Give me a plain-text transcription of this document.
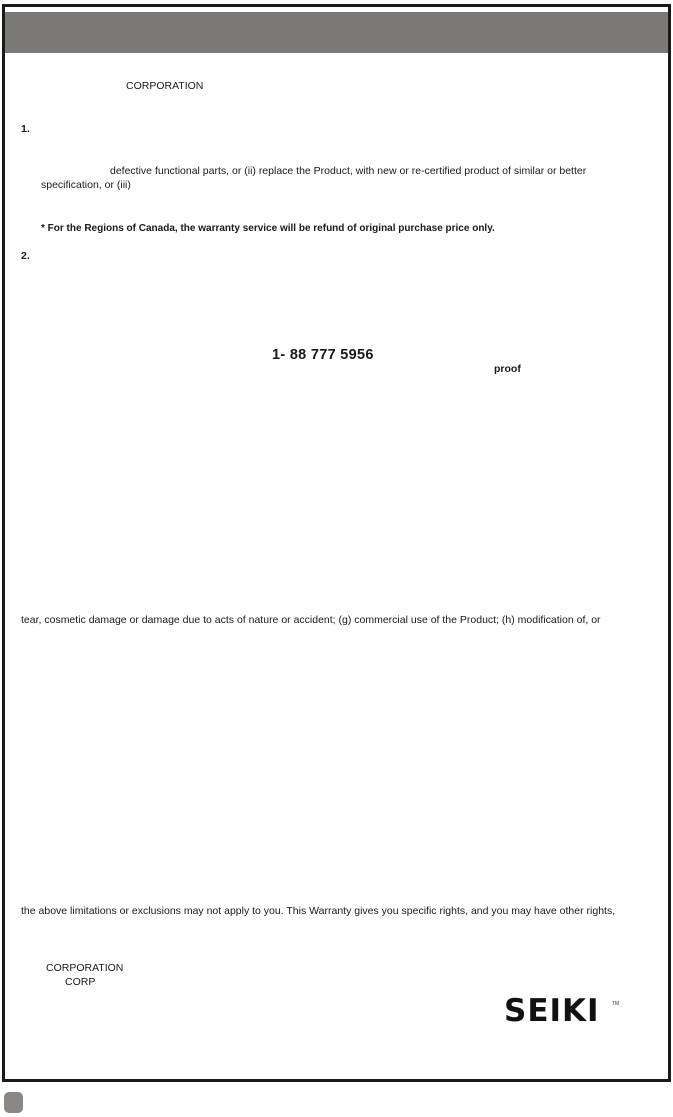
CORPORATION
1.
defective functional parts, or (ii) replace the Product, with new or re-certified product of similar or better
specification, or (iii)
* For the Regions of Canada, the warranty service will be refund of original purchase price only.
2.
1- 88 777 5956
proof
tear, cosmetic damage or damage due to acts of nature or accident; (g) commercial use of the Product; (h) modification of, or
the above limitations or exclusions may not apply to you. This Warranty gives you specific rights, and you may have other rights,
CORPORATION
CORP
SEIKI TM
